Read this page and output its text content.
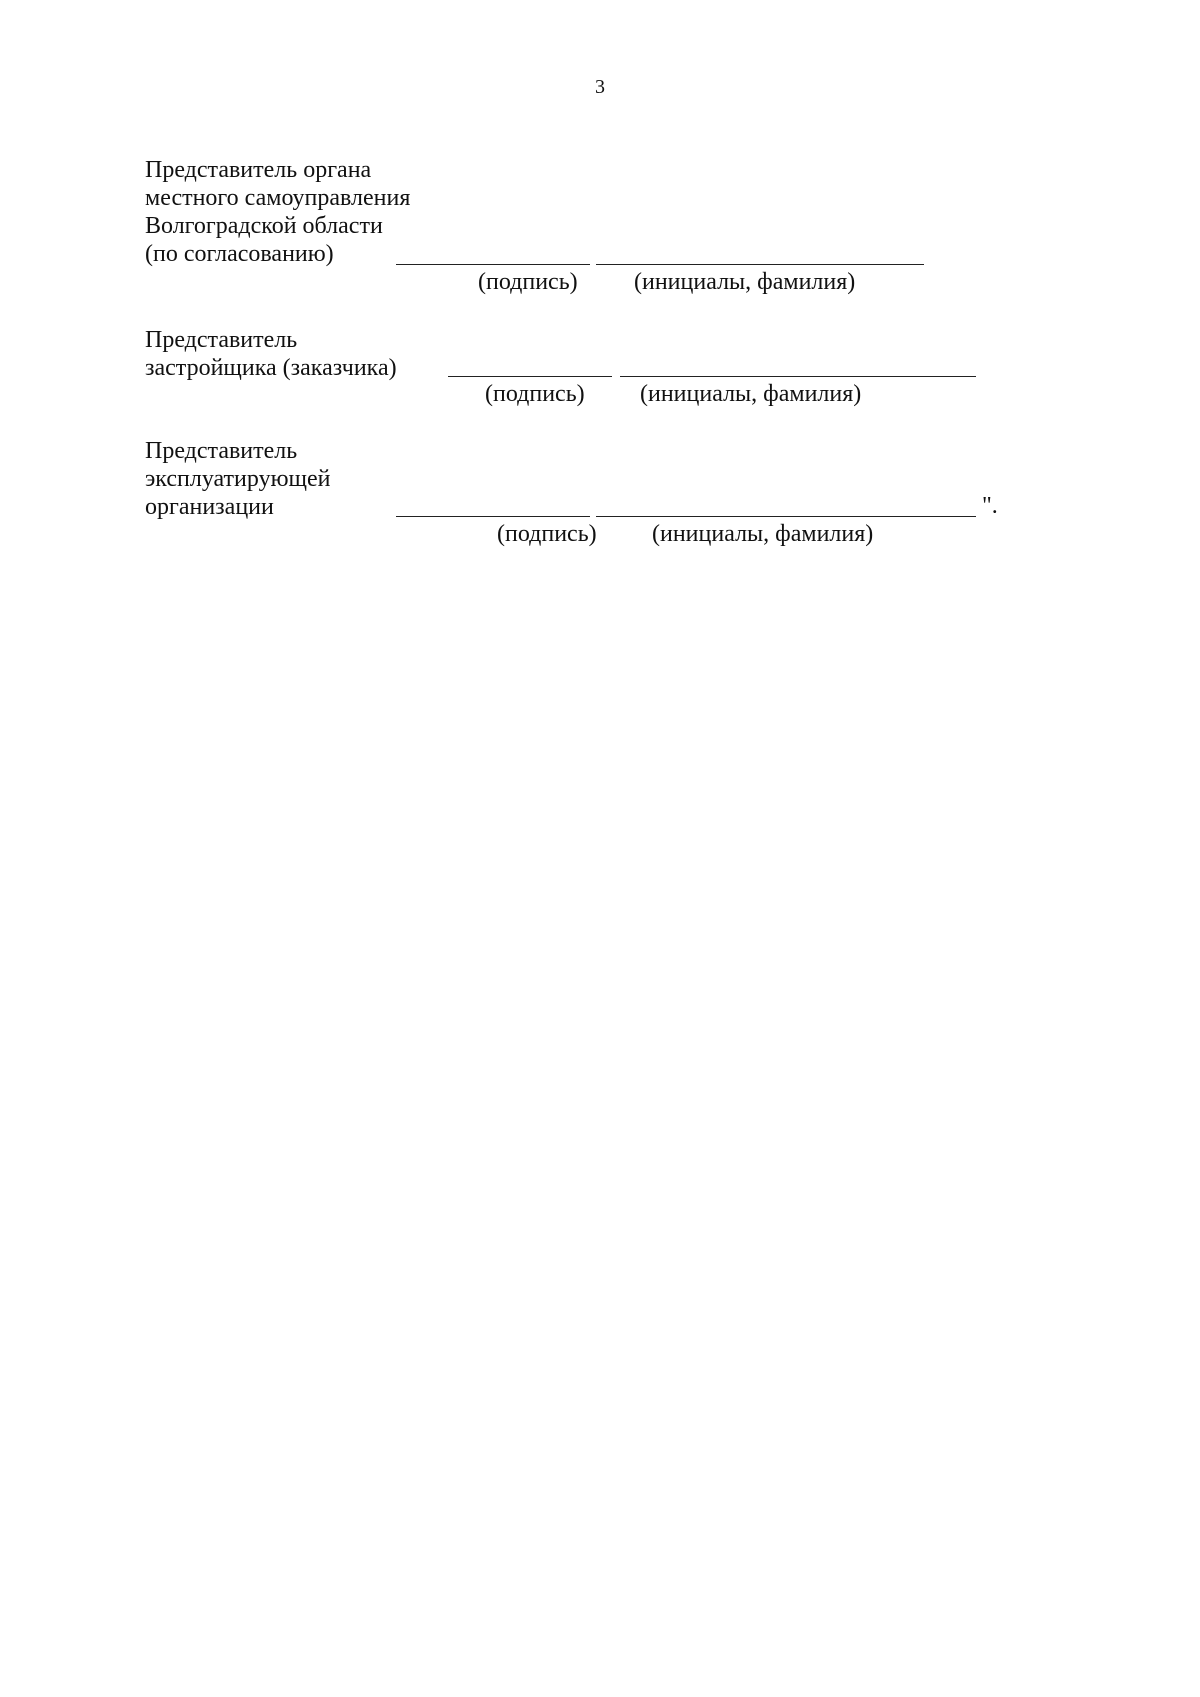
3
Представитель органа
местного самоуправления
Волгоградской области
(по согласованию)
(подпись) (инициалы, фамилия)
Представитель
застройщика (заказчика)
(подпись) (инициалы, фамилия)
Представитель
эксплуатирующей
организации	".
(подпись) (инициалы, фамилия)
